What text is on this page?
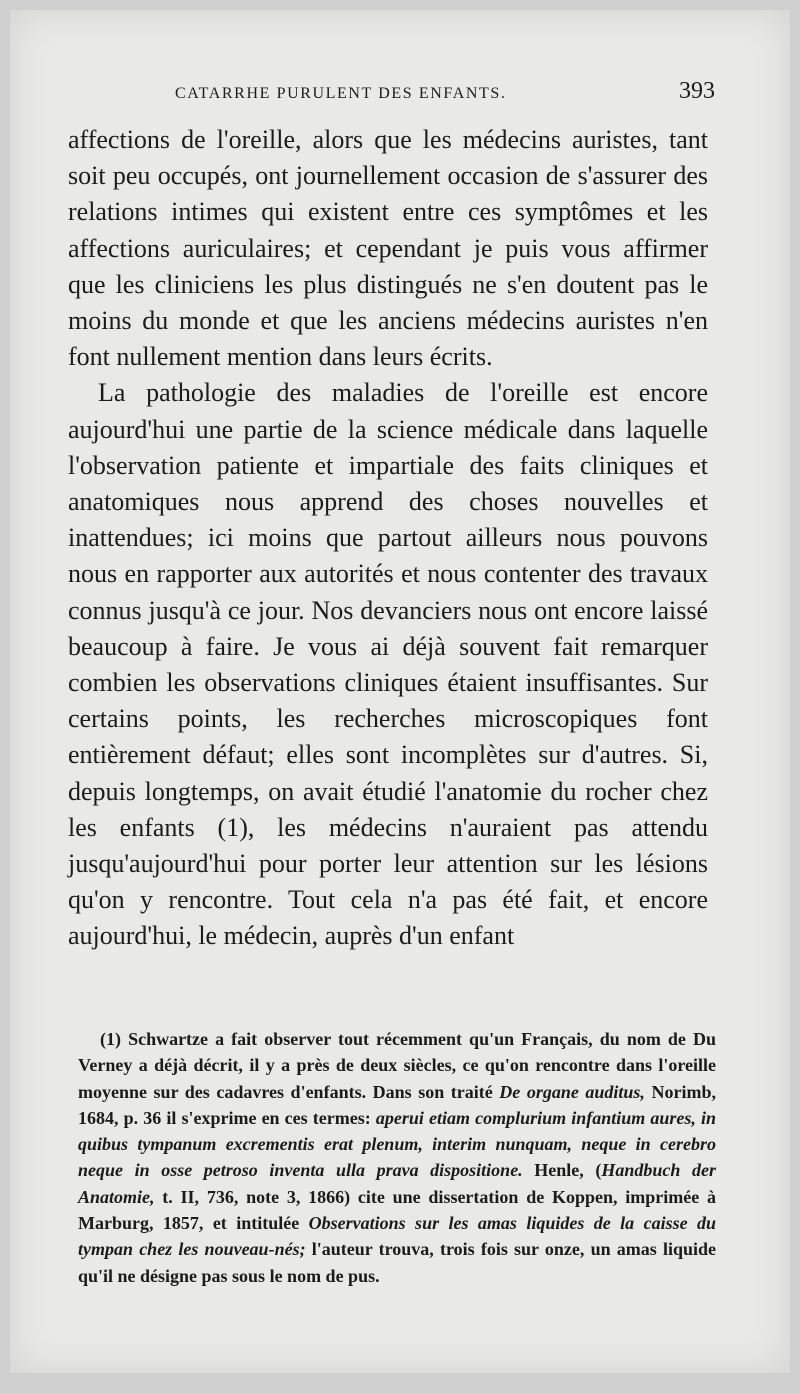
CATARRHE PURULENT DES ENFANTS.	393

affections de l'oreille, alors que les médecins auristes, tant soit peu occupés, ont journellement occasion de s'assurer des relations intimes qui existent entre ces symptômes et les affections auriculaires; et cependant je puis vous affirmer que les cliniciens les plus distingués ne s'en doutent pas le moins du monde et que les anciens médecins auristes n'en font nullement mention dans leurs écrits.

La pathologie des maladies de l'oreille est encore aujourd'hui une partie de la science médicale dans laquelle l'observation patiente et impartiale des faits cliniques et anatomiques nous apprend des choses nouvelles et inattendues; ici moins que partout ailleurs nous pouvons nous en rapporter aux autorités et nous contenter des travaux connus jusqu'à ce jour. Nos devanciers nous ont encore laissé beaucoup à faire. Je vous ai déjà souvent fait remarquer combien les observations cliniques étaient insuffisantes. Sur certains points, les recherches microscopiques font entièrement défaut; elles sont incomplètes sur d'autres. Si, depuis longtemps, on avait étudié l'anatomie du rocher chez les enfants (1), les médecins n'auraient pas attendu jusqu'aujourd'hui pour porter leur attention sur les lésions qu'on y rencontre. Tout cela n'a pas été fait, et encore aujourd'hui, le médecin, auprès d'un enfant

(1) Schwartze a fait observer tout récemment qu'un Français, du nom de Du Verney a déjà décrit, il y a près de deux siècles, ce qu'on rencontre dans l'oreille moyenne sur des cadavres d'enfants. Dans son traité De organe auditus, Norimb, 1684, p. 36 il s'exprime en ces termes: aperui etiam complurium infantium aures, in quibus tympanum excrementis erat plenum, interim nunquam, neque in cerebro neque in osse petroso inventa ulla prava dispositione. Henle, (Handbuch der Anatomie, t. II, 736, note 3, 1866) cite une dissertation de Koppen, imprimée à Marburg, 1857, et intitulée Observations sur les amas liquides de la caisse du tympan chez les nouveau-nés; l'auteur trouva, trois fois sur onze, un amas liquide qu'il ne désigne pas sous le nom de pus.
